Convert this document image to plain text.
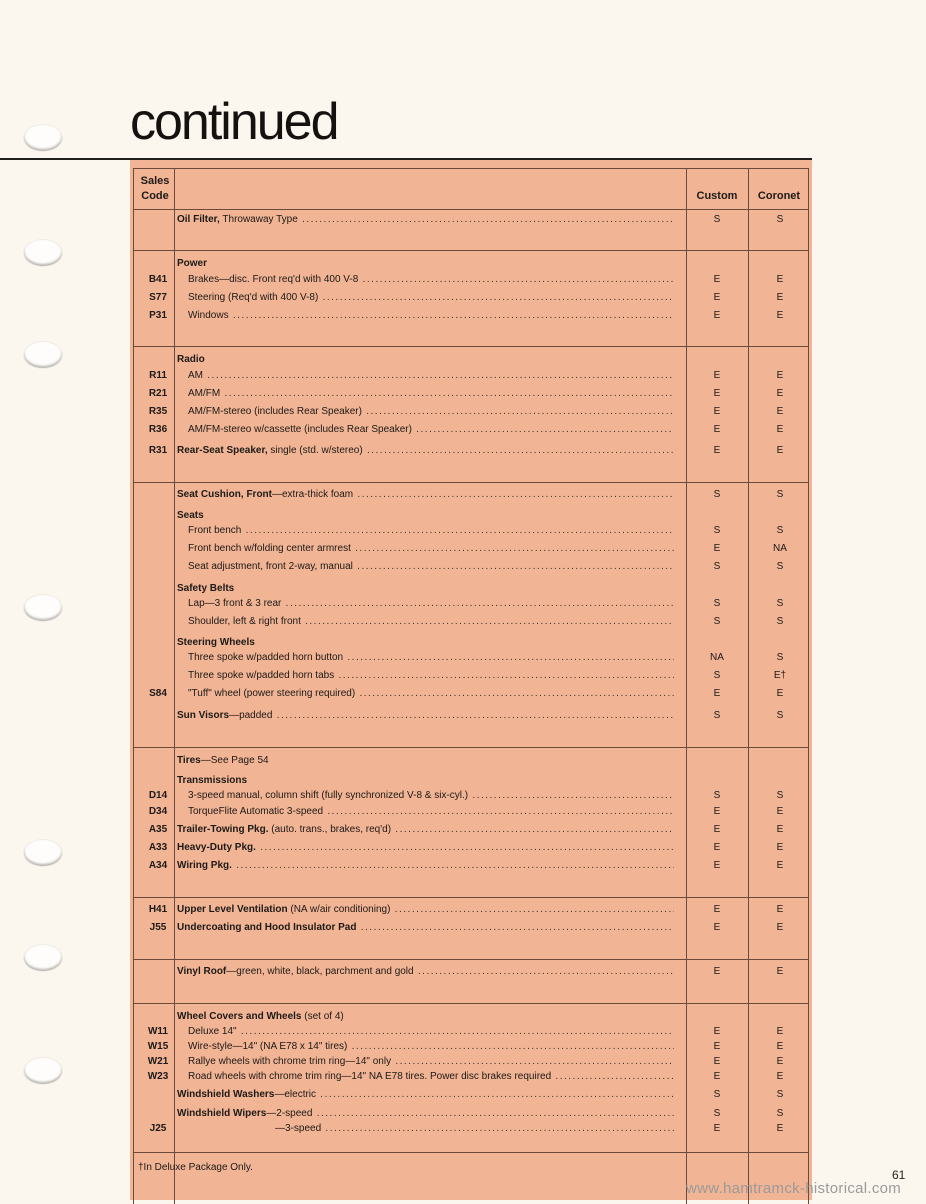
continued
Sales Code	Custom	Coronet
Oil Filter, Throwaway Type .....	S	S
Power
B41	Brakes—disc. Front req'd with 400 V-8 .....	E	E
S77	Steering (Req'd with 400 V-8) .....	E	E
P31	Windows .....	E	E
Radio
R11	AM .....	E	E
R21	AM/FM .....	E	E
R35	AM/FM-stereo (includes Rear Speaker) .....	E	E
R36	AM/FM-stereo w/cassette (includes Rear Speaker) .....	E	E
R31 Rear-Seat Speaker, single (std. w/stereo) .....	E	E
Seat Cushion, Front—extra-thick foam .....	S	S
Seats
Front bench .....	S	S
Front bench w/folding center armrest .....	E	NA
Seat adjustment, front 2-way, manual .....	S	S
Safety Belts
Lap—3 front & 3 rear .....	S	S
Shoulder, left & right front .....	S	S
Steering Wheels
Three spoke w/padded horn button .....	NA	S
Three spoke w/padded horn tabs .....	S	E†
S84	"Tuff" wheel (power steering required) .....	E	E
Sun Visors—padded .....	S	S
Tires—See Page 54
Transmissions
D14	3-speed manual, column shift (fully synchronized V-8 & six-cyl.) .....	S	S
D34	TorqueFlite Automatic 3-speed .....	E	E
A35 Trailer-Towing Pkg. (auto. trans., brakes, req'd) .....	E	E
A33 Heavy-Duty Pkg. .....	E	E
A34 Wiring Pkg. .....	E	E
H41 Upper Level Ventilation (NA w/air conditioning) .....	E	E
J55	Undercoating and Hood Insulator Pad .....	E	E
Vinyl Roof—green, white, black, parchment and gold .....	E	E
Wheel Covers and Wheels (set of 4)
W11	Deluxe 14" .....	E	E
W15	Wire-style—14" (NA E78 x 14" tires) .....	E	E
W21	Rallye wheels with chrome trim ring—14" only .....	E	E
W23	Road wheels with chrome trim ring—14" NA E78 tires. Power disc brakes required .....	E	E
Windshield Washers—electric .....	S	S
Windshield Wipers—2-speed .....	S	S
J25	—3-speed .....	E	E
†In Deluxe Package Only.
61
www.hamtramck-historical.com
